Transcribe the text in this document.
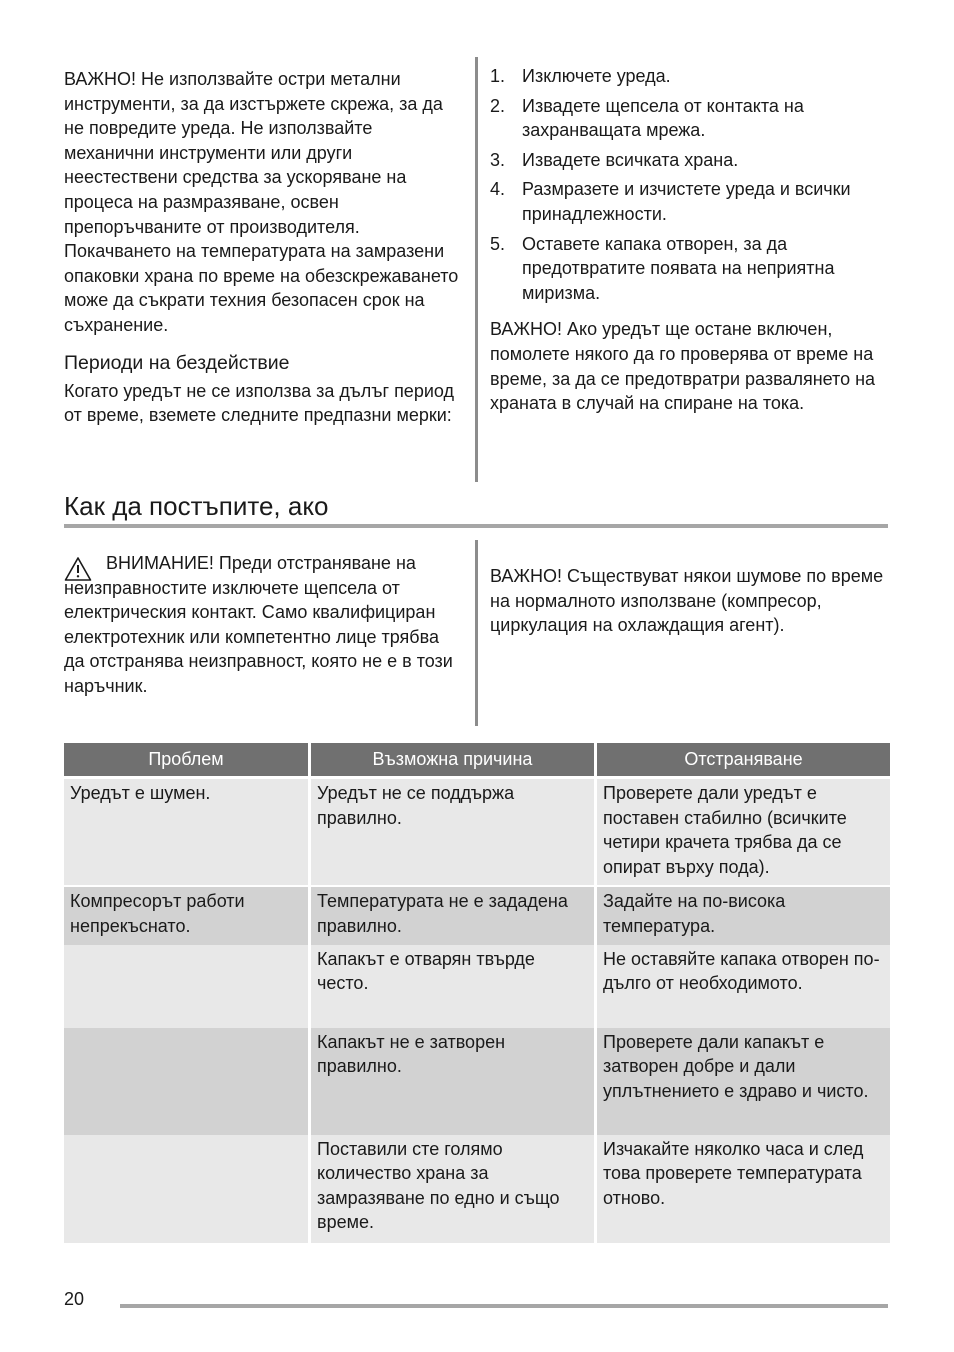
ВАЖНО! Не използвайте остри метални инструменти, за да изстържете скрежа, за да не повредите уреда. Не използвайте механични инструменти или други неестествени средства за ускоряване на процеса на размразяване, освен препоръчваните от производителя. Покачването на температурата на замразени опаковки храна по време на обезскрежаването може да съкрати техния безопасен срок на съхранение.

Периоди на бездействие

Когато уредът не се използва за дълъг период от време, вземете следните предпазни мерки:

1. Изключете уреда.
2. Извадете щепсела от контакта на захранващата мрежа.
3. Извадете всичката храна.
4. Размразете и изчистете уреда и всички принадлежности.
5. Оставете капака отворен, за да предотвратите появата на неприятна миризма.

ВАЖНО! Ако уредът ще остане включен, помолете някого да го проверява от време на време, за да се предотвратри развалянето на храната в случай на спиране на тока.

Как да постъпите, ако

ВНИМАНИЕ! Преди отстраняване на неизправностите изключете щепсела от електрическия контакт. Само квалифициран електротехник или компетентно лице трябва да отстранява неизправност, която не е в този наръчник.

ВАЖНО! Съществуват някои шумове по време на нормалното използване (компресор, циркулация на охлаждащия агент).

Проблем	Възможна причина	Отстраняване

Уредът е шумен.	Уредът не се поддържа правилно.	Проверете дали уредът е поставен стабилно (всичките четири крачета трябва да се опират върху пода).

Компресорът работи непрекъснато.	Температурата не е зададена правилно.	Задайте на по-висока температура.
	Капакът е отварян твърде често.	Не оставяйте капака отворен по-дълго от необходимото.
	Капакът не е затворен правилно.	Проверете дали капакът е затворен добре и дали уплътнението е здраво и чисто.
	Поставили сте голямо количество храна за замразяване по едно и също време.	Изчакайте няколко часа и след това проверете температурата отново.
20
